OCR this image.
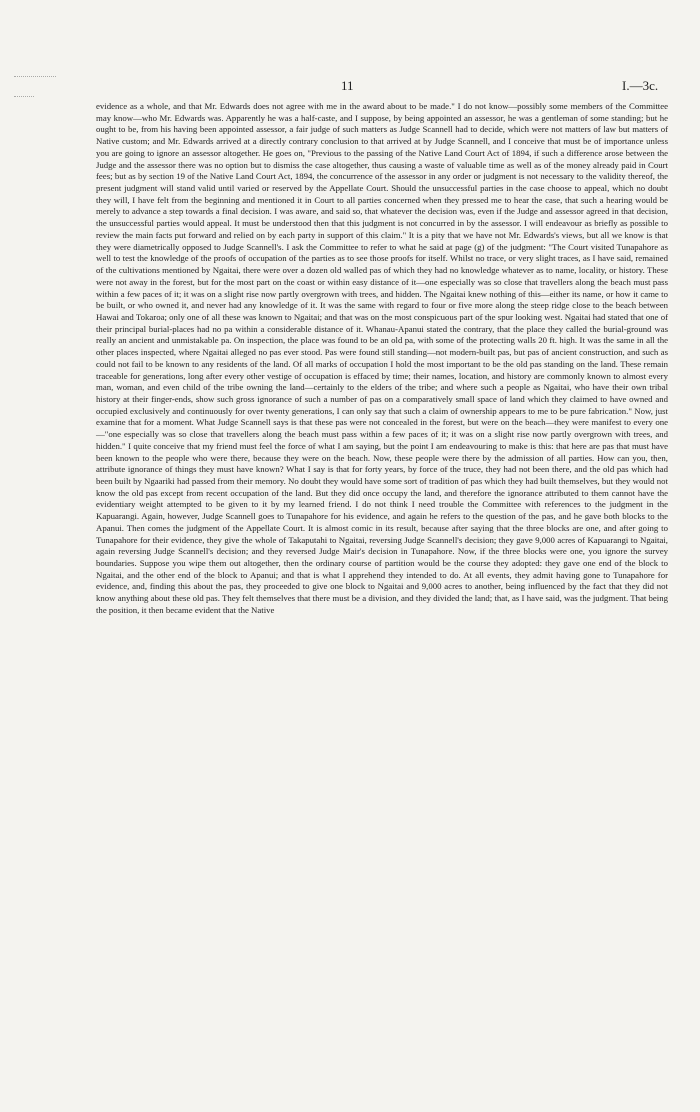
11	I.—3c.

evidence as a whole, and that Mr. Edwards does not agree with me in the award about to be made." I do not know—possibly some members of the Committee may know—who Mr. Edwards was. Apparently he was a half-caste, and I suppose, by being appointed an assessor, he was a gentleman of some standing; but he ought to be, from his having been appointed assessor, a fair judge of such matters as Judge Scannell had to decide, which were not matters of law but matters of Native custom; and Mr. Edwards arrived at a directly contrary conclusion to that arrived at by Judge Scannell, and I conceive that must be of importance unless you are going to ignore an assessor altogether. He goes on, "Previous to the passing of the Native Land Court Act of 1894, if such a difference arose between the Judge and the assessor there was no option but to dismiss the case altogether, thus causing a waste of valuable time as well as of the money already paid in Court fees; but as by section 19 of the Native Land Court Act, 1894, the concurrence of the assessor in any order or judgment is not necessary to the validity thereof, the present judgment will stand valid until varied or reserved by the Appellate Court. Should the unsuccessful parties in the case choose to appeal, which no doubt they will, I have felt from the beginning and mentioned it in Court to all parties concerned when they pressed me to hear the case, that such a hearing would be merely to advance a step towards a final decision. I was aware, and said so, that whatever the decision was, even if the Judge and assessor agreed in that decision, the unsuccessful parties would appeal. It must be understood then that this judgment is not concurred in by the assessor. I will endeavour as briefly as possible to review the main facts put forward and relied on by each party in support of this claim." It is a pity that we have not Mr. Edwards's views, but all we know is that they were diametrically opposed to Judge Scannell's. I ask the Committee to refer to what he said at page (g) of the judgment: "The Court visited Tunapahore as well to test the knowledge of the proofs of occupation of the parties as to see those proofs for itself. Whilst no trace, or very slight traces, as I have said, remained of the cultivations mentioned by Ngaitai, there were over a dozen old walled pas of which they had no knowledge whatever as to name, locality, or history. These were not away in the forest, but for the most part on the coast or within easy distance of it—one especially was so close that travellers along the beach must pass within a few paces of it; it was on a slight rise now partly overgrown with trees, and hidden. The Ngaitai knew nothing of this—either its name, or how it came to be built, or who owned it, and never had any knowledge of it. It was the same with regard to four or five more along the steep ridge close to the beach between Hawai and Tokaroa; only one of all these was known to Ngaitai; and that was on the most conspicuous part of the spur looking west. Ngaitai had stated that one of their principal burial-places had no pa within a considerable distance of it. Whanau-Apanui stated the contrary, that the place they called the burial-ground was really an ancient and unmistakable pa. On inspection, the place was found to be an old pa, with some of the protecting walls 20 ft. high. It was the same in all the other places inspected, where Ngaitai alleged no pas ever stood. Pas were found still standing—not modern-built pas, but pas of ancient construction, and such as could not fail to be known to any residents of the land. Of all marks of occupation I hold the most important to be the old pas standing on the land. These remain traceable for generations, long after every other vestige of occupation is effaced by time; their names, location, and history are commonly known to almost every man, woman, and even child of the tribe owning the land—certainly to the elders of the tribe; and where such a people as Ngaitai, who have their own tribal history at their finger-ends, show such gross ignorance of such a number of pas on a comparatively small space of land which they claimed to have owned and occupied exclusively and continuously for over twenty generations, I can only say that such a claim of ownership appears to me to be pure fabrication." Now, just examine that for a moment. What Judge Scannell says is that these pas were not concealed in the forest, but were on the beach—they were manifest to every one—"one especially was so close that travellers along the beach must pass within a few paces of it; it was on a slight rise now partly overgrown with trees, and hidden." I quite conceive that my friend must feel the force of what I am saying, but the point I am endeavouring to make is this: that here are pas that must have been known to the people who were there, because they were on the beach. Now, these people were there by the admission of all parties. How can you, then, attribute ignorance of things they must have known? What I say is that for forty years, by force of the truce, they had not been there, and the old pas which had been built by Ngaariki had passed from their memory. No doubt they would have some sort of tradition of pas which they had built themselves, but they would not know the old pas except from recent occupation of the land. But they did once occupy the land, and therefore the ignorance attributed to them cannot have the evidentiary weight attempted to be given to it by my learned friend. I do not think I need trouble the Committee with references to the judgment in the Kapuarangi. Again, however, Judge Scannell goes to Tunapahore for his evidence, and again he refers to the question of the pas, and he gave both blocks to the Apanui. Then comes the judgment of the Appellate Court. It is almost comic in its result, because after saying that the three blocks are one, and after going to Tunapahore for their evidence, they give the whole of Takaputahi to Ngaitai, reversing Judge Scannell's decision; they gave 9,000 acres of Kapuarangi to Ngaitai, again reversing Judge Scannell's decision; and they reversed Judge Mair's decision in Tunapahore. Now, if the three blocks were one, you ignore the survey boundaries. Suppose you wipe them out altogether, then the ordinary course of partition would be the course they adopted: they gave one end of the block to Ngaitai, and the other end of the block to Apanui; and that is what I apprehend they intended to do. At all events, they admit having gone to Tunapahore for evidence, and, finding this about the pas, they proceeded to give one block to Ngaitai and 9,000 acres to another, being influenced by the fact that they did not know anything about these old pas. They felt themselves that there must be a division, and they divided the land; that, as I have said, was the judgment. That being the position, it then became evident that the Native
